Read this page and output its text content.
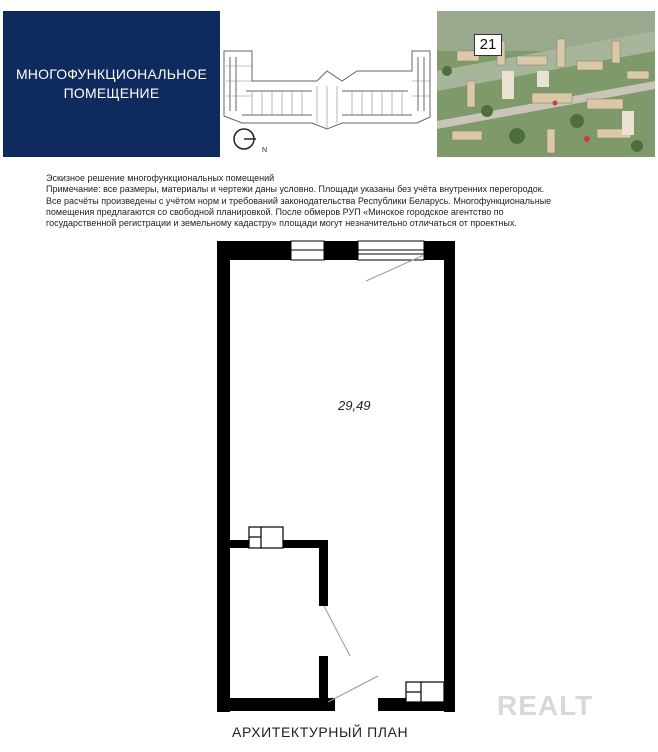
МНОГОФУНКЦИОНАЛЬНОЕ
ПОМЕЩЕНИЕ
N
21
Эскизное решение многофункциональных помещений
Примечание: все размеры, материалы и чертежи даны условно. Площади указаны без учёта внутренних перегородок.
Все расчёты произведены с учётом норм и требований законодательства Республики Беларусь. Многофункциональные
помещения предлагаются со свободной планировкой. После обмеров РУП «Минское городское агентство по
государственной регистрации и земельному кадастру» площади могут незначительно отличаться от проектных.
29,49
АРХИТЕКТУРНЫЙ ПЛАН
REALT
